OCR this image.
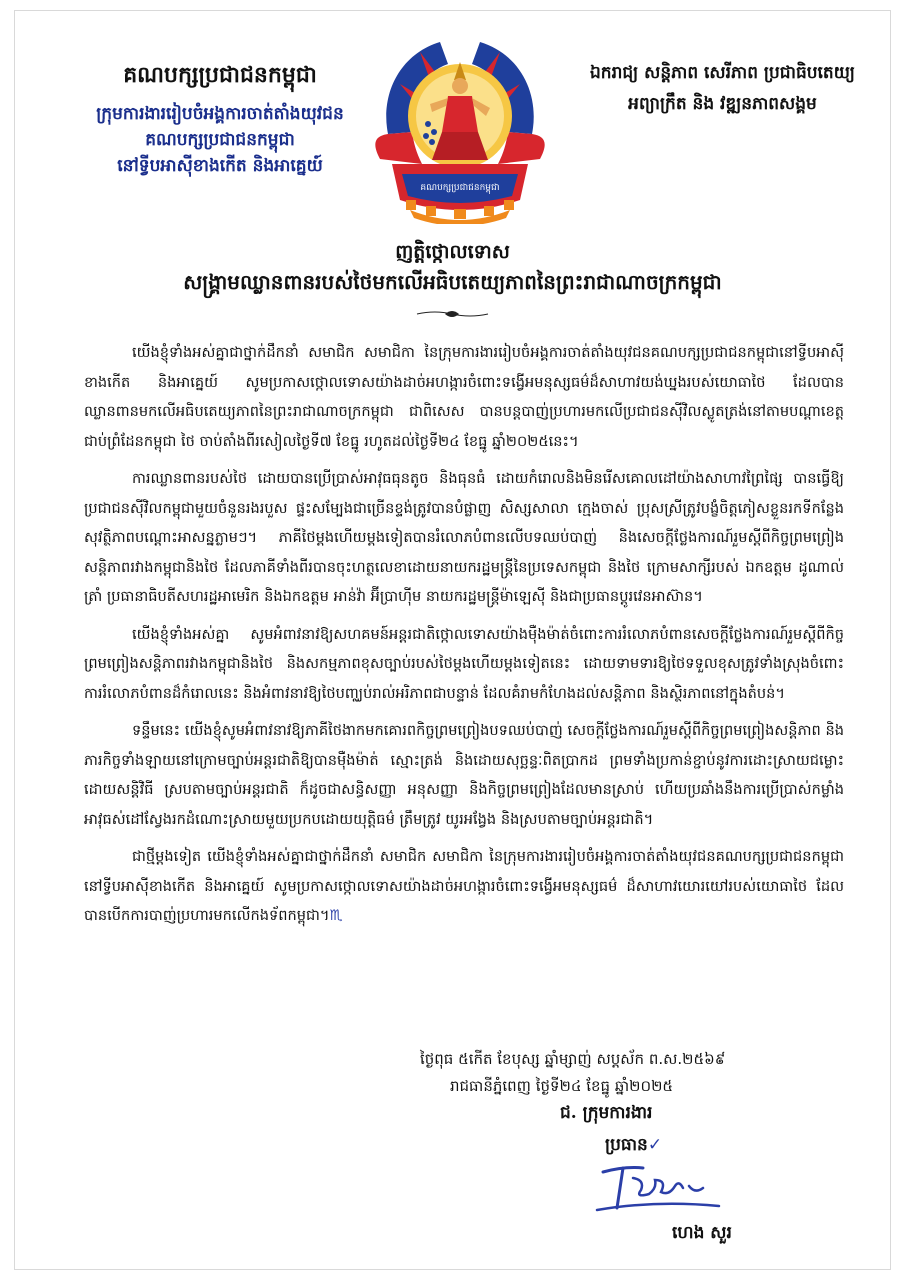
គណបក្សប្រជាជនកម្ពុជា

ក្រុមការងាររៀបចំអង្គការចាត់តាំងយុវជន

គណបក្សប្រជាជនកម្ពុជា

នៅទ្វីបអាស៊ីខាងកើត និងអាគ្នេយ៍

គណបក្សប្រជាជនកម្ពុជា

ឯករាជ្យ សន្តិភាព សេរីភាព ប្រជាធិបតេយ្យ

អព្យាក្រឹត និង វឌ្ឍនភាពសង្គម

ញត្តិថ្កោលទោស

សង្គ្រាមឈ្លានពានរបស់ថៃមកលើអធិបតេយ្យភាពនៃព្រះរាជាណាចក្រកម្ពុជា

យើងខ្ញុំទាំងអស់គ្នាជាថ្នាក់ដឹកនាំ សមាជិក សមាជិកា នៃក្រុមការងាររៀបចំអង្គការចាត់តាំងយុវជនគណបក្សប្រជាជនកម្ពុជានៅទ្វីបអាស៊ីខាងកើត និងអាគ្នេយ៍ សូមប្រកាសថ្កោលទោសយ៉ាងដាច់អហង្ការចំពោះទង្វើអមនុស្សធម៌ដ៏សាហាវយង់ឃ្នងរបស់យោធាថៃ ដែលបានឈ្លានពានមកលើអធិបតេយ្យភាពនៃព្រះរាជាណាចក្រកម្ពុជា ជាពិសេស បានបន្តបាញ់ប្រហារមកលើប្រជាជនស៊ីវិលស្លូតត្រង់នៅតាមបណ្តាខេត្តជាប់ព្រំដែនកម្ពុជា ថៃ ចាប់តាំងពីរសៀលថ្ងៃទី៧ ខែធ្នូ រហូតដល់ថ្ងៃទី២៤ ខែធ្នូ ឆ្នាំ២០២៥នេះ។

ការឈ្លានពានរបស់ថៃ ដោយបានប្រើប្រាស់អាវុធធុនតូច និងធុនធំ ដោយកំរោលនិងមិនរើសគោលដៅយ៉ាងសាហាវព្រៃផ្សៃ បានធ្វើឱ្យប្រជាជនស៊ីវិលកម្ពុជាមួយចំនួនរងរបួស ផ្ទះសម្បែងជាច្រើនខ្ទង់ត្រូវបានបំផ្លាញ សិស្សសាលា ក្មេងចាស់ ប្រុសស្រីត្រូវបង្ខំចិត្តភៀសខ្លួនរកទីកន្លែងសុវត្ថិភាពបណ្តោះអាសន្នភ្លាមៗ។ ភាគីថៃម្តងហើយម្តងទៀតបានរំលោភបំពានលើបទឈប់បាញ់ និងសេចក្តីថ្លែងការណ៍រួមស្តីពីកិច្ចព្រមព្រៀងសន្តិភាពរវាងកម្ពុជានិងថៃ ដែលភាគីទាំងពីរបានចុះហត្ថលេខាដោយនាយករដ្ឋមន្ត្រីនៃប្រទេសកម្ពុជា និងថៃ ក្រោមសាក្សីរបស់ ឯកឧត្តម ដូណាល់ ត្រាំ ប្រធានាធិបតីសហរដ្ឋអាមេរិក និងឯកឧត្តម អាន់វ៉ា អ៊ីប្រាហ៊ីម នាយករដ្ឋមន្ត្រីម៉ាឡេស៊ី និងជាប្រធានប្តូរវេនអាស៊ាន។

យើងខ្ញុំទាំងអស់គ្នា សូមអំពាវនាវឱ្យសហគមន៍អន្តរជាតិថ្កោលទោសយ៉ាងម៉ឺងម៉ាត់ចំពោះការរំលោភបំពានសេចក្តីថ្លែងការណ៍រួមស្តីពីកិច្ចព្រមព្រៀងសន្តិភាពរវាងកម្ពុជានិងថៃ និងសកម្មភាពខុសច្បាប់របស់ថៃម្តងហើយម្តងទៀតនេះ ដោយទាមទារឱ្យថៃទទួលខុសត្រូវទាំងស្រុងចំពោះការរំលោភបំពានដ៏កំរោលនេះ និងអំពាវនាវឱ្យថៃបញ្ឈប់រាល់អរិភាពជាបន្ទាន់ ដែលគំរាមកំហែងដល់សន្តិភាព និងស្ថិរភាពនៅក្នុងតំបន់។

ទន្ទឹមនេះ យើងខ្ញុំសូមអំពាវនាវឱ្យភាគីថៃងាកមកគោរពកិច្ចព្រមព្រៀងបទឈប់បាញ់ សេចក្តីថ្លែងការណ៍រួមស្តីពីកិច្ចព្រមព្រៀងសន្តិភាព និងភារកិច្ចទាំងឡាយនៅក្រោមច្បាប់អន្តរជាតិឱ្យបានម៉ឺងម៉ាត់ ស្មោះត្រង់ និងដោយសុច្ឆន្ទៈពិតប្រាកដ ព្រមទាំងប្រកាន់ខ្ជាប់នូវការដោះស្រាយជម្លោះដោយសន្តិវិធី ស្របតាមច្បាប់អន្តរជាតិ ក៏ដូចជាសន្ធិសញ្ញា អនុសញ្ញា និងកិច្ចព្រមព្រៀងដែលមានស្រាប់ ហើយប្រឆាំងនឹងការប្រើប្រាស់កម្លាំងអាវុធស់ដៅស្វែងរកដំណោះស្រាយមួយប្រកបដោយយុត្តិធម៌ ត្រឹមត្រូវ យូរអង្វែង និងស្របតាមច្បាប់អន្តរជាតិ។

ជាថ្មីម្តងទៀត យើងខ្ញុំទាំងអស់គ្នាជាថ្នាក់ដឹកនាំ សមាជិក សមាជិកា នៃក្រុមការងាររៀបចំអង្គការចាត់តាំងយុវជនគណបក្សប្រជាជនកម្ពុជានៅទ្វីបអាស៊ីខាងកើត និងអាគ្នេយ៍ សូមប្រកាសថ្កោលទោសយ៉ាងដាច់អហង្ការចំពោះទង្វើអមនុស្សធម៌ ដ៏សាហាវយោរយៅរបស់យោធាថៃ ដែលបានបើកការបាញ់ប្រហារមកលើកងទ័ពកម្ពុជា។♏

ថ្ងៃពុធ ៥កើត ខែបុស្ស ឆ្នាំម្សាញ់ សប្តស័ក ព.ស.២៥៦៩

រាជធានីភ្នំពេញ ថ្ងៃទី២៤ ខែធ្នូ ឆ្នាំ២០២៥

ជ. ក្រុមការងារ

ប្រធាន✓

ហេង សួរ
